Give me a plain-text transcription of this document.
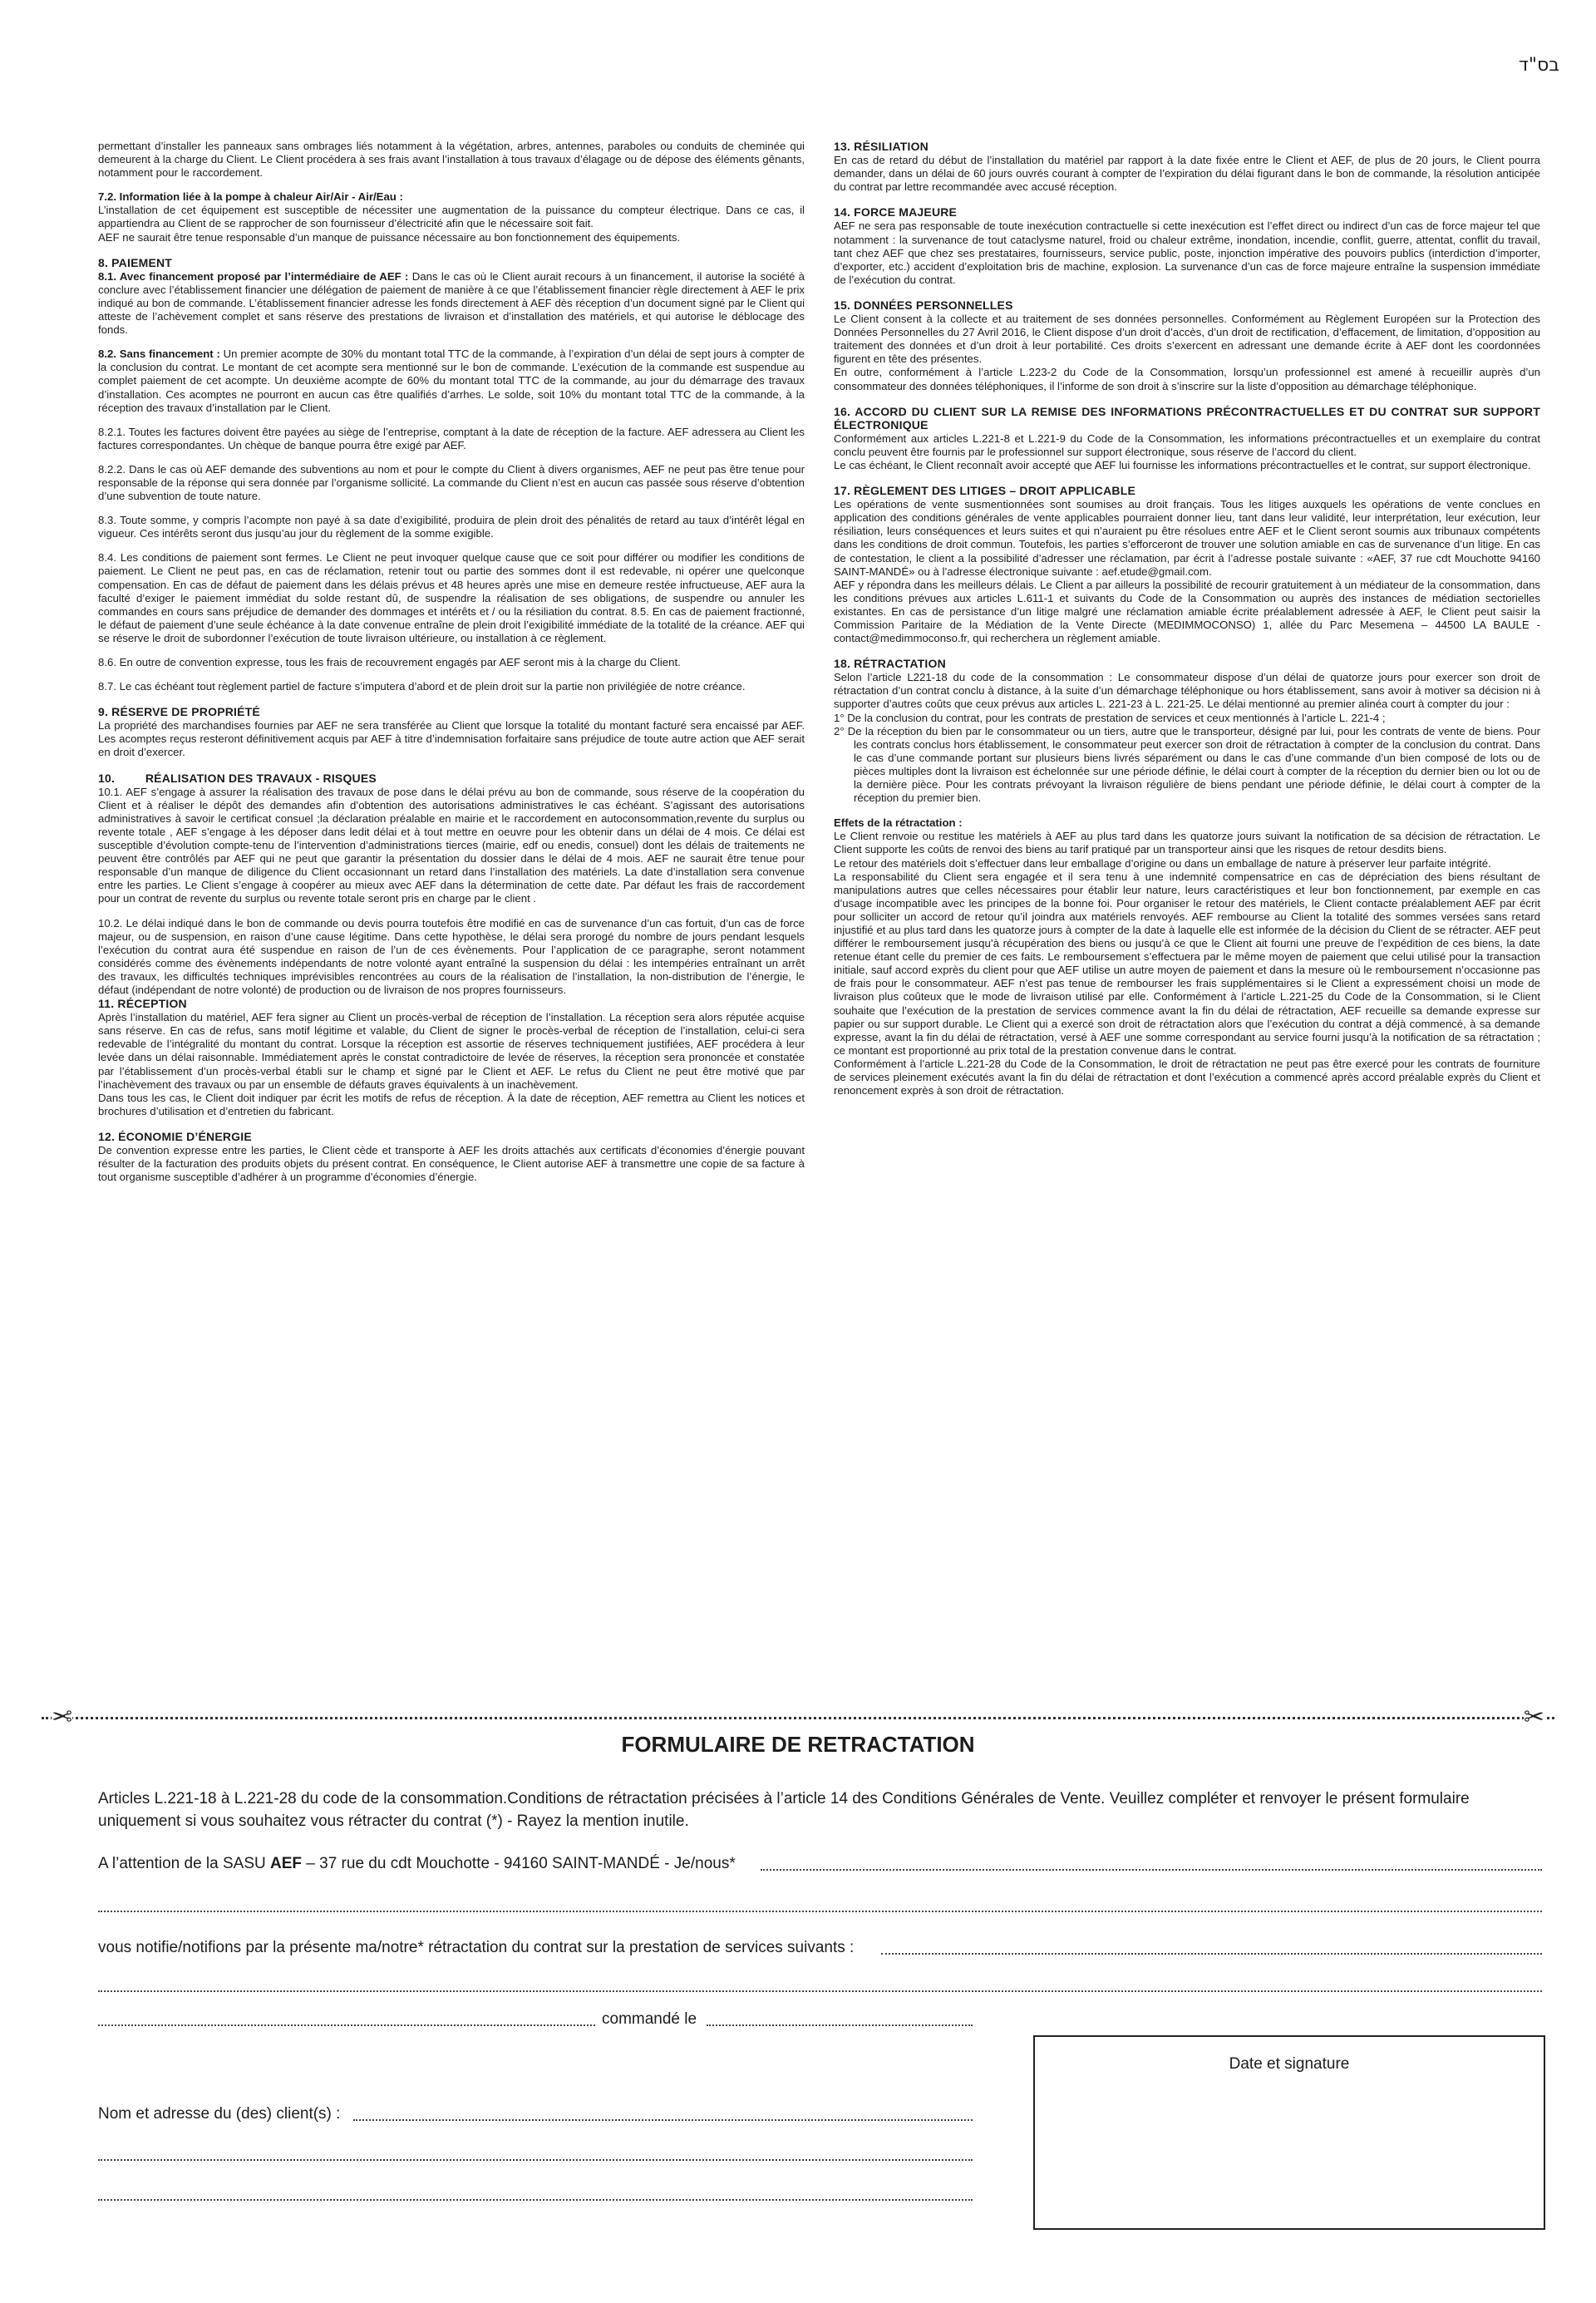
בס"ד
permettant d’installer les panneaux sans ombrages liés notamment à la végétation, arbres, antennes, paraboles ou conduits de cheminée qui demeurent à la charge du Client. Le Client procédera à ses frais avant l’installation à tous travaux d’élagage ou de dépose des éléments gênants, notamment pour le raccordement.
7.2. Information liée à la pompe à chaleur Air/Air - Air/Eau :
L’installation de cet équipement est susceptible de nécessiter une augmentation de la puissance du compteur électrique. Dans ce cas, il appartiendra au Client de se rapprocher de son fournisseur d’électricité afin que le nécessaire soit fait.
AEF ne saurait être tenue responsable d’un manque de puissance nécessaire au bon fonctionnement des équipements.
8. PAIEMENT
8.1. Avec financement proposé par l’intermédiaire de AEF : Dans le cas où le Client aurait recours à un financement, il autorise la société à conclure avec l’établissement financier une délégation de paiement de manière à ce que l’établissement financier règle directement à AEF le prix indiqué au bon de commande. L’établissement financier adresse les fonds directement à AEF dès réception d’un document signé par le Client qui atteste de l’achèvement complet et sans réserve des prestations de livraison et d’installation des matériels, et qui autorise le déblocage des fonds.
8.2. Sans financement : Un premier acompte de 30% du montant total TTC de la commande, à l’expiration d’un délai de sept jours à compter de la conclusion du contrat. Le montant de cet acompte sera mentionné sur le bon de commande. L’exécution de la commande est suspendue au complet paiement de cet acompte. Un deuxième acompte de 60% du montant total TTC de la commande, au jour du démarrage des travaux d’installation. Ces acomptes ne pourront en aucun cas être qualifiés d’arrhes. Le solde, soit 10% du montant total TTC de la commande, à la réception des travaux d’installation par le Client.
8.2.1. Toutes les factures doivent être payées au siège de l’entreprise, comptant à la date de réception de la facture. AEF adressera au Client les factures correspondantes. Un chèque de banque pourra être exigé par AEF.
8.2.2. Dans le cas où AEF demande des subventions au nom et pour le compte du Client à divers organismes, AEF ne peut pas être tenue pour responsable de la réponse qui sera donnée par l’organisme sollicité. La commande du Client n’est en aucun cas passée sous réserve d’obtention d’une subvention de toute nature.
8.3. Toute somme, y compris l’acompte non payé à sa date d’exigibilité, produira de plein droit des pénalités de retard au taux d’intérêt légal en vigueur. Ces intérêts seront dus jusqu’au jour du règlement de la somme exigible.
8.4. Les conditions de paiement sont fermes. Le Client ne peut invoquer quelque cause que ce soit pour différer ou modifier les conditions de paiement. Le Client ne peut pas, en cas de réclamation, retenir tout ou partie des sommes dont il est redevable, ni opérer une quelconque compensation. En cas de défaut de paiement dans les délais prévus et 48 heures après une mise en demeure restée infructueuse, AEF aura la faculté d’exiger le paiement immédiat du solde restant dû, de suspendre la réalisation de ses obligations, de suspendre ou annuler les commandes en cours sans préjudice de demander des dommages et intérêts et / ou la résiliation du contrat. 8.5. En cas de paiement fractionné, le défaut de paiement d’une seule échéance à la date convenue entraîne de plein droit l’exigibilité immédiate de la totalité de la créance. AEF qui se réserve le droit de subordonner l’exécution de toute livraison ultérieure, ou installation à ce règlement.
8.6. En outre de convention expresse, tous les frais de recouvrement engagés par AEF seront mis à la charge du Client.
8.7. Le cas échéant tout règlement partiel de facture s’imputera d’abord et de plein droit sur la partie non privilégiée de notre créance.
9. RÉSERVE DE PROPRIÉTÉ
La propriété des marchandises fournies par AEF ne sera transférée au Client que lorsque la totalité du montant facturé sera encaissé par AEF. Les acomptes reçus resteront définitivement acquis par AEF à titre d’indemnisation forfaitaire sans préjudice de toute autre action que AEF serait en droit d’exercer.
10.         RÉALISATION DES TRAVAUX - RISQUES
10.1. AEF s’engage à assurer la réalisation des travaux de pose dans le délai prévu au bon de commande, sous réserve de la coopération du Client et à réaliser le dépôt des demandes afin d’obtention des autorisations administratives le cas échéant. S’agissant des autorisations administratives à savoir le certificat consuel ;la déclaration préalable en mairie et le raccordement en autoconsommation,revente du surplus ou revente totale , AEF s’engage à les déposer dans ledit délai et à tout mettre en oeuvre pour les obtenir dans un délai de 4 mois. Ce délai est susceptible d’évolution compte-tenu de l’intervention d’administrations tierces (mairie, edf ou enedis, consuel) dont les délais de traitements ne peuvent être contrôlés par AEF qui ne peut que garantir la présentation du dossier dans le délai de 4 mois. AEF ne saurait être tenue pour responsable d’un manque de diligence du Client occasionnant un retard dans l’installation des matériels. La date d’installation sera convenue entre les parties. Le Client s’engage à coopérer au mieux avec AEF dans la détermination de cette date. Par défaut les frais de raccordement pour un contrat de revente du surplus ou revente totale seront pris en charge par le client .
10.2. Le délai indiqué dans le bon de commande ou devis pourra toutefois être modifié en cas de survenance d’un cas fortuit, d’un cas de force majeur, ou de suspension, en raison d’une cause légitime. Dans cette hypothèse, le délai sera prorogé du nombre de jours pendant lesquels l’exécution du contrat aura été suspendue en raison de l’un de ces évènements. Pour l’application de ce paragraphe, seront notamment considérés comme des évènements indépendants de notre volonté ayant entraîné la suspension du délai : les intempéries entraînant un arrêt des travaux, les difficultés techniques imprévisibles rencontrées au cours de la réalisation de l’installation, la non-distribution de l’énergie, le défaut (indépendant de notre volonté) de production ou de livraison de nos propres fournisseurs.
11. RÉCEPTION
Après l’installation du matériel, AEF fera signer au Client un procès-verbal de réception de l’installation. La réception sera alors réputée acquise sans réserve. En cas de refus, sans motif légitime et valable, du Client de signer le procès-verbal de réception de l’installation, celui-ci sera redevable de l’intégralité du montant du contrat. Lorsque la réception est assortie de réserves techniquement justifiées, AEF procédera à leur levée dans un délai raisonnable. Immédiatement après le constat contradictoire de levée de réserves, la réception sera prononcée et constatée par l’établissement d’un procès-verbal établi sur le champ et signé par le Client et AEF. Le refus du Client ne peut être motivé que par l’inachèvement des travaux ou par un ensemble de défauts graves équivalents à un inachèvement.
Dans tous les cas, le Client doit indiquer par écrit les motifs de refus de réception. À la date de réception, AEF remettra au Client les notices et brochures d’utilisation et d’entretien du fabricant.
12. ÉCONOMIE D’ÉNERGIE
De convention expresse entre les parties, le Client cède et transporte à AEF les droits attachés aux certificats d’économies d’énergie pouvant résulter de la facturation des produits objets du présent contrat. En conséquence, le Client autorise AEF à transmettre une copie de sa facture à tout organisme susceptible d’adhérer à un programme d’économies d’énergie.
13. RÉSILIATION
En cas de retard du début de l’installation du matériel par rapport à la date fixée entre le Client et AEF, de plus de 20 jours, le Client pourra demander, dans un délai de 60 jours ouvrés courant à compter de l’expiration du délai figurant dans le bon de commande, la résolution anticipée du contrat par lettre recommandée avec accusé réception.
14. FORCE MAJEURE
AEF ne sera pas responsable de toute inexécution contractuelle si cette inexécution est l’effet direct ou indirect d’un cas de force majeur tel que notamment : la survenance de tout cataclysme naturel, froid ou chaleur extrême, inondation, incendie, conflit, guerre, attentat, conflit du travail, tant chez AEF que chez ses prestataires, fournisseurs, service public, poste, injonction impérative des pouvoirs publics (interdiction d’importer, d’exporter, etc.) accident d’exploitation bris de machine, explosion. La survenance d’un cas de force majeure entraîne la suspension immédiate de l’exécution du contrat.
15. DONNÉES PERSONNELLES
Le Client consent à la collecte et au traitement de ses données personnelles. Conformément au Règlement Européen sur la Protection des Données Personnelles du 27 Avril 2016, le Client dispose d’un droit d’accès, d’un droit de rectification, d’effacement, de limitation, d’opposition au traitement des données et d’un droit à leur portabilité. Ces droits s’exercent en adressant une demande écrite à AEF dont les coordonnées figurent en tête des présentes.
En outre, conformément à l’article L.223-2 du Code de la Consommation, lorsqu’un professionnel est amené à recueillir auprès d’un consommateur des données téléphoniques, il l’informe de son droit à s’inscrire sur la liste d’opposition au démarchage téléphonique.
16. ACCORD DU CLIENT SUR LA REMISE DES INFORMATIONS PRÉCONTRACTUELLES ET DU CONTRAT SUR SUPPORT ÉLECTRONIQUE
Conformément aux articles L.221-8 et L.221-9 du Code de la Consommation, les informations précontractuelles et un exemplaire du contrat conclu peuvent être fournis par le professionnel sur support électronique, sous réserve de l’accord du client.
Le cas échéant, le Client reconnaît avoir accepté que AEF lui fournisse les informations précontractuelles et le contrat, sur support électronique.
17. RÈGLEMENT DES LITIGES – DROIT APPLICABLE
Les opérations de vente susmentionnées sont soumises au droit français. Tous les litiges auxquels les opérations de vente conclues en application des conditions générales de vente applicables pourraient donner lieu, tant dans leur validité, leur interprétation, leur exécution, leur résiliation, leurs conséquences et leurs suites et qui n’auraient pu être résolues entre AEF et le Client seront soumis aux tribunaux compétents dans les conditions de droit commun. Toutefois, les parties s’efforceront de trouver une solution amiable en cas de survenance d’un litige. En cas de contestation, le client a la possibilité d’adresser une réclamation, par écrit à l’adresse postale suivante : «AEF, 37 rue cdt Mouchotte 94160 SAINT-MANDÉ» ou à l’adresse électronique suivante : aef.etude@gmail.com.
AEF y répondra dans les meilleurs délais. Le Client a par ailleurs la possibilité de recourir gratuitement à un médiateur de la consommation, dans les conditions prévues aux articles L.611-1 et suivants du Code de la Consommation ou auprès des instances de médiation sectorielles existantes. En cas de persistance d’un litige malgré une réclamation amiable écrite préalablement adressée à AEF, le Client peut saisir la Commission Paritaire de la Médiation de la Vente Directe (MEDIMMOCONSO) 1, allée du Parc Mesemena – 44500 LA BAULE - contact@medimmoconso.fr, qui recherchera un règlement amiable.
18. RÉTRACTATION
Selon l’article L221-18 du code de la consommation : Le consommateur dispose d’un délai de quatorze jours pour exercer son droit de rétractation d’un contrat conclu à distance, à la suite d’un démarchage téléphonique ou hors établissement, sans avoir à motiver sa décision ni à supporter d’autres coûts que ceux prévus aux articles L. 221-23 à L. 221-25. Le délai mentionné au premier alinéa court à compter du jour :
1° De la conclusion du contrat, pour les contrats de prestation de services et ceux mentionnés à l’article L. 221-4 ;
2° De la réception du bien par le consommateur ou un tiers, autre que le transporteur, désigné par lui, pour les contrats de vente de biens. Pour les contrats conclus hors établissement, le consommateur peut exercer son droit de rétractation à compter de la conclusion du contrat. Dans le cas d’une commande portant sur plusieurs biens livrés séparément ou dans le cas d’une commande d’un bien composé de lots ou de pièces multiples dont la livraison est échelonnée sur une période définie, le délai court à compter de la réception du dernier bien ou lot ou de la dernière pièce. Pour les contrats prévoyant la livraison régulière de biens pendant une période définie, le délai court à compter de la réception du premier bien.
Effets de la rétractation :
Le Client renvoie ou restitue les matériels à AEF au plus tard dans les quatorze jours suivant la notification de sa décision de rétractation. Le Client supporte les coûts de renvoi des biens au tarif pratiqué par un transporteur ainsi que les risques de retour desdits biens.
Le retour des matériels doit s’effectuer dans leur emballage d’origine ou dans un emballage de nature à préserver leur parfaite intégrité.
La responsabilité du Client sera engagée et il sera tenu à une indemnité compensatrice en cas de dépréciation des biens résultant de manipulations autres que celles nécessaires pour établir leur nature, leurs caractéristiques et leur bon fonctionnement, par exemple en cas d’usage incompatible avec les principes de la bonne foi. Pour organiser le retour des matériels, le Client contacte préalablement AEF par écrit pour solliciter un accord de retour qu’il joindra aux matériels renvoyés. AEF rembourse au Client la totalité des sommes versées sans retard injustifié et au plus tard dans les quatorze jours à compter de la date à laquelle elle est informée de la décision du Client de se rétracter. AEF peut différer le remboursement jusqu’à récupération des biens ou jusqu’à ce que le Client ait fourni une preuve de l’expédition de ces biens, la date retenue étant celle du premier de ces faits. Le remboursement s’effectuera par le même moyen de paiement que celui utilisé pour la transaction initiale, sauf accord exprès du client pour que AEF utilise un autre moyen de paiement et dans la mesure où le remboursement n’occasionne pas de frais pour le consommateur. AEF n’est pas tenue de rembourser les frais supplémentaires si le Client a expressément choisi un mode de livraison plus coûteux que le mode de livraison utilisé par elle. Conformément à l’article L.221-25 du Code de la Consommation, si le Client souhaite que l’exécution de la prestation de services commence avant la fin du délai de rétractation, AEF recueille sa demande expresse sur papier ou sur support durable. Le Client qui a exercé son droit de rétractation alors que l’exécution du contrat a déjà commencé, à sa demande expresse, avant la fin du délai de rétractation, versé à AEF une somme correspondant au service fourni jusqu’à la notification de sa rétractation ; ce montant est proportionné au prix total de la prestation convenue dans le contrat.
Conformément à l’article L.221-28 du Code de la Consommation, le droit de rétractation ne peut pas être exercé pour les contrats de fourniture de services pleinement exécutés avant la fin du délai de rétractation et dont l’exécution a commencé après accord préalable exprès du Client et renoncement exprès à son droit de rétractation.
✂	✂
FORMULAIRE DE RETRACTATION
Articles L.221-18 à L.221-28 du code de la consommation.Conditions de rétractation précisées à l’article 14 des Conditions Générales de Vente. Veuillez compléter et renvoyer le présent formulaire uniquement si vous souhaitez vous rétracter du contrat (*) - Rayez la mention inutile.
A l’attention de la SASU AEF – 37 rue du cdt Mouchotte - 94160 SAINT-MANDÉ - Je/nous*
vous notifie/notifions par la présente ma/notre* rétractation du contrat sur la prestation de services suivants :
commandé le
Nom et adresse du (des) client(s) :
Date et signature
